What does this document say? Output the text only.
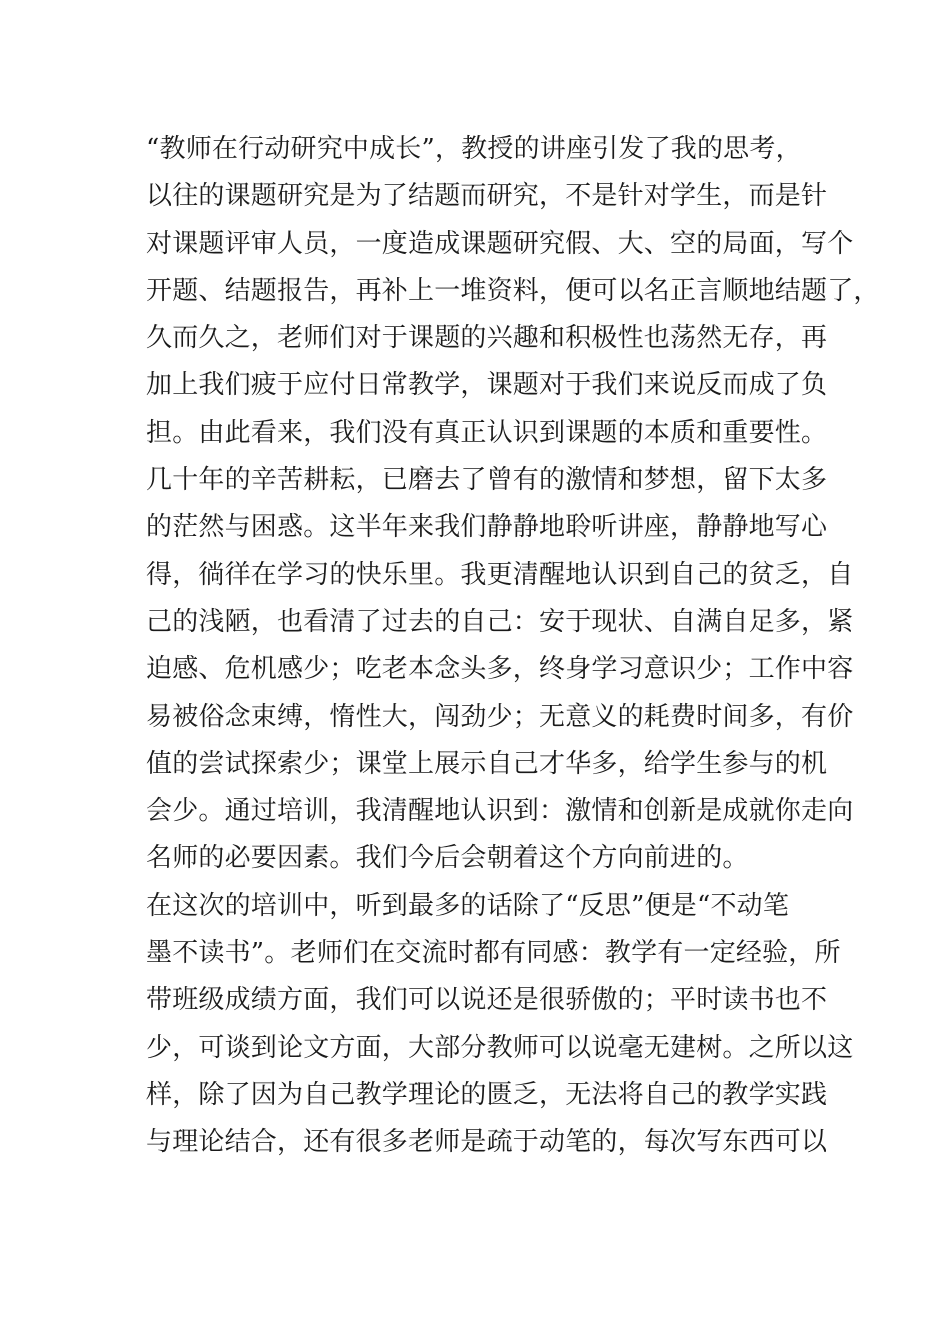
“教师在行动研究中成长”，教授的讲座引发了我的思考，
以往的课题研究是为了结题而研究，不是针对学生，而是针
对课题评审人员，一度造成课题研究假、大、空的局面，写个
开题、结题报告，再补上一堆资料，便可以名正言顺地结题了，
久而久之，老师们对于课题的兴趣和积极性也荡然无存，再
加上我们疲于应付日常教学，课题对于我们来说反而成了负
担。由此看来，我们没有真正认识到课题的本质和重要性。
几十年的辛苦耕耘，已磨去了曾有的激情和梦想，留下太多
的茫然与困惑。这半年来我们静静地聆听讲座，静静地写心
得，徜徉在学习的快乐里。我更清醒地认识到自己的贫乏，自
己的浅陋，也看清了过去的自己：安于现状、自满自足多，紧
迫感、危机感少；吃老本念头多，终身学习意识少；工作中容
易被俗念束缚，惰性大，闯劲少；无意义的耗费时间多，有价
值的尝试探索少；课堂上展示自己才华多，给学生参与的机
会少。通过培训，我清醒地认识到：激情和创新是成就你走向
名师的必要因素。我们今后会朝着这个方向前进的。
在这次的培训中，听到最多的话除了“反思”便是“不动笔
墨不读书”。老师们在交流时都有同感：教学有一定经验，所
带班级成绩方面，我们可以说还是很骄傲的；平时读书也不
少，可谈到论文方面，大部分教师可以说毫无建树。之所以这
样，除了因为自己教学理论的匮乏，无法将自己的教学实践
与理论结合，还有很多老师是疏于动笔的，每次写东西可以
